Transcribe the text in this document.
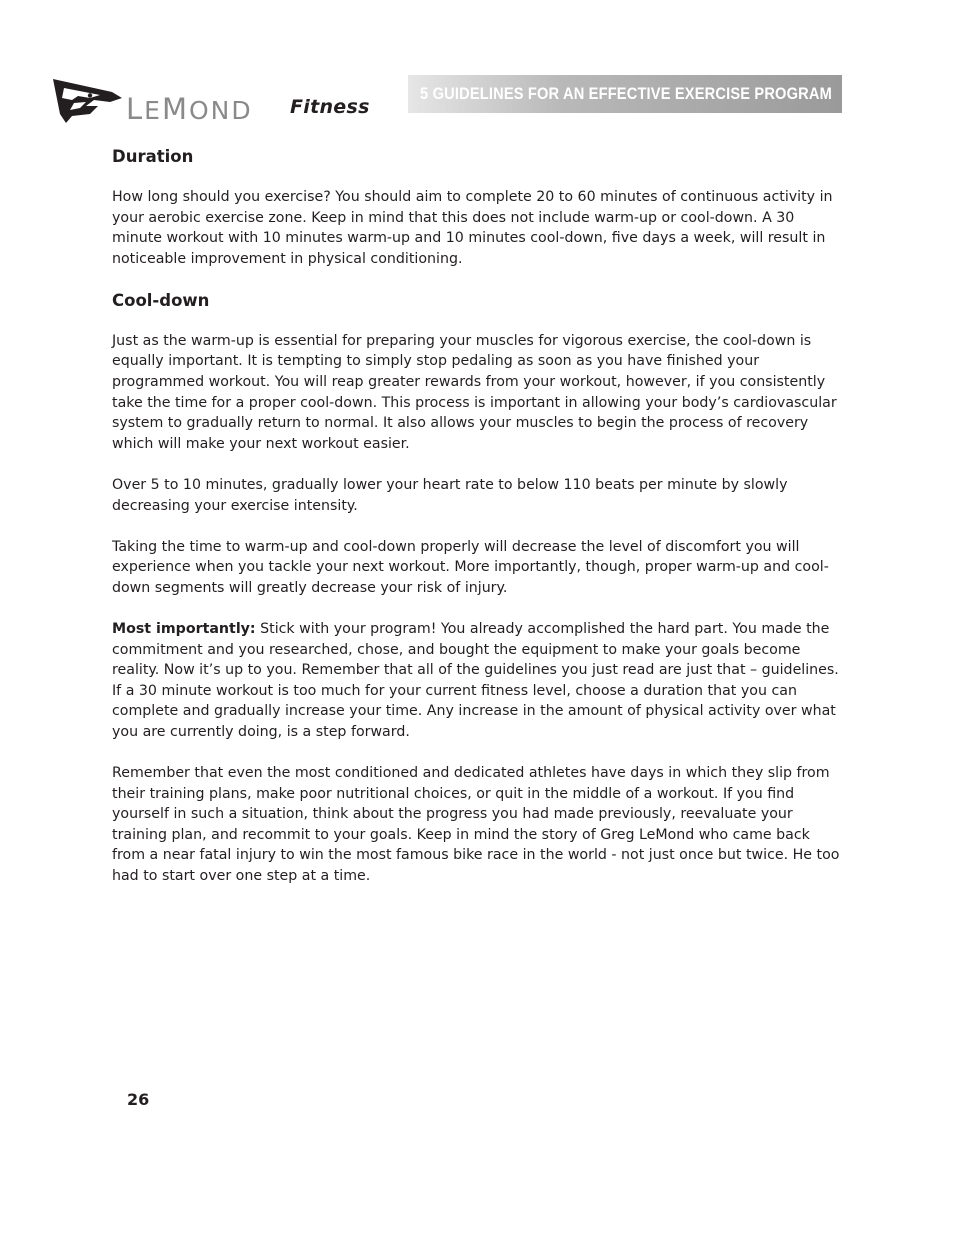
LEMOND Fitness
5 GUIDELINES FOR AN EFFECTIVE EXERCISE PROGRAM
Duration

How long should you exercise? You should aim to complete 20 to 60 minutes of continuous activity in your aerobic exercise zone. Keep in mind that this does not include warm-up or cool-down. A 30 minute workout with 10 minutes warm-up and 10 minutes cool-down, five days a week, will result in noticeable improvement in physical conditioning.

Cool-down

Just as the warm-up is essential for preparing your muscles for vigorous exercise, the cool-down is equally important. It is tempting to simply stop pedaling as soon as you have finished your programmed workout. You will reap greater rewards from your workout, however, if you consistently take the time for a proper cool-down. This process is important in allowing your body’s cardiovascular system to gradually return to normal. It also allows your muscles to begin the process of recovery which will make your next workout easier.

Over 5 to 10 minutes, gradually lower your heart rate to below 110 beats per minute by slowly decreasing your exercise intensity.

Taking the time to warm-up and cool-down properly will decrease the level of discomfort you will experience when you tackle your next workout. More importantly, though, proper warm-up and cool-down segments will greatly decrease your risk of injury.

Most importantly: Stick with your program! You already accomplished the hard part. You made the commitment and you researched, chose, and bought the equipment to make your goals become reality. Now it’s up to you. Remember that all of the guidelines you just read are just that – guidelines. If a 30 minute workout is too much for your current fitness level, choose a duration that you can complete and gradually increase your time. Any increase in the amount of physical activity over what you are currently doing, is a step forward.

Remember that even the most conditioned and dedicated athletes have days in which they slip from their training plans, make poor nutritional choices, or quit in the middle of a workout. If you find yourself in such a situation, think about the progress you had made previously, reevaluate your training plan, and recommit to your goals. Keep in mind the story of Greg LeMond who came back from a near fatal injury to win the most famous bike race in the world - not just once but twice. He too had to start over one step at a time.

26
